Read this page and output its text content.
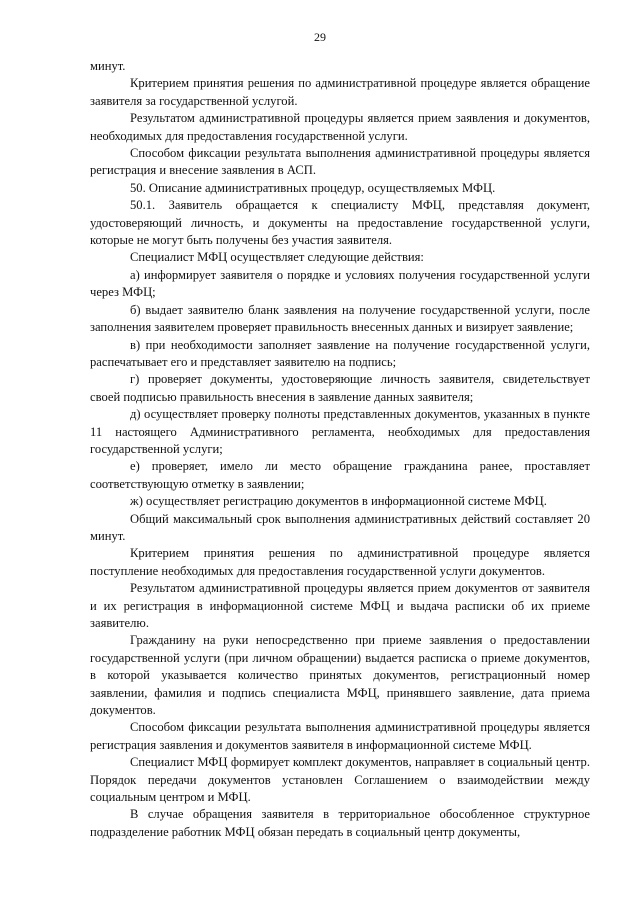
29

минут.

Критерием принятия решения по административной процедуре является обращение заявителя за государственной услугой.

Результатом административной процедуры является прием заявления и документов, необходимых для предоставления государственной услуги.

Способом фиксации результата выполнения административной процедуры является регистрация и внесение заявления в АСП.

50. Описание административных процедур, осуществляемых МФЦ.

50.1. Заявитель обращается к специалисту МФЦ, представляя документ, удостоверяющий личность, и документы на предоставление государственной услуги, которые не могут быть получены без участия заявителя.

Специалист МФЦ осуществляет следующие действия:

а) информирует заявителя о порядке и условиях получения государственной услуги через МФЦ;

б) выдает заявителю бланк заявления на получение государственной услуги, после заполнения заявителем проверяет правильность внесенных данных и визирует заявление;

в) при необходимости заполняет заявление на получение государственной услуги, распечатывает его и представляет заявителю на подпись;

г) проверяет документы, удостоверяющие личность заявителя, свидетельствует своей подписью правильность внесения в заявление данных заявителя;

д) осуществляет проверку полноты представленных документов, указанных в пункте 11 настоящего Административного регламента, необходимых для предоставления государственной услуги;

е) проверяет, имело ли место обращение гражданина ранее, проставляет соответствующую отметку в заявлении;

ж) осуществляет регистрацию документов в информационной системе МФЦ.

Общий максимальный срок выполнения административных действий составляет 20 минут.

Критерием принятия решения по административной процедуре является поступление необходимых для предоставления государственной услуги документов.

Результатом административной процедуры является прием документов от заявителя и их регистрация в информационной системе МФЦ и выдача расписки об их приеме заявителю.

Гражданину на руки непосредственно при приеме заявления о предоставлении государственной услуги (при личном обращении) выдается расписка о приеме документов, в которой указывается количество принятых документов, регистрационный номер заявлении, фамилия и подпись специалиста МФЦ, принявшего заявление, дата приема документов.

Способом фиксации результата выполнения административной процедуры является регистрация заявления и документов заявителя в информационной системе МФЦ.

Специалист МФЦ формирует комплект документов, направляет в социальный центр. Порядок передачи документов установлен Соглашением о взаимодействии между социальным центром и МФЦ.

В случае обращения заявителя в территориальное обособленное структурное подразделение работник МФЦ обязан передать в социальный центр документы,
